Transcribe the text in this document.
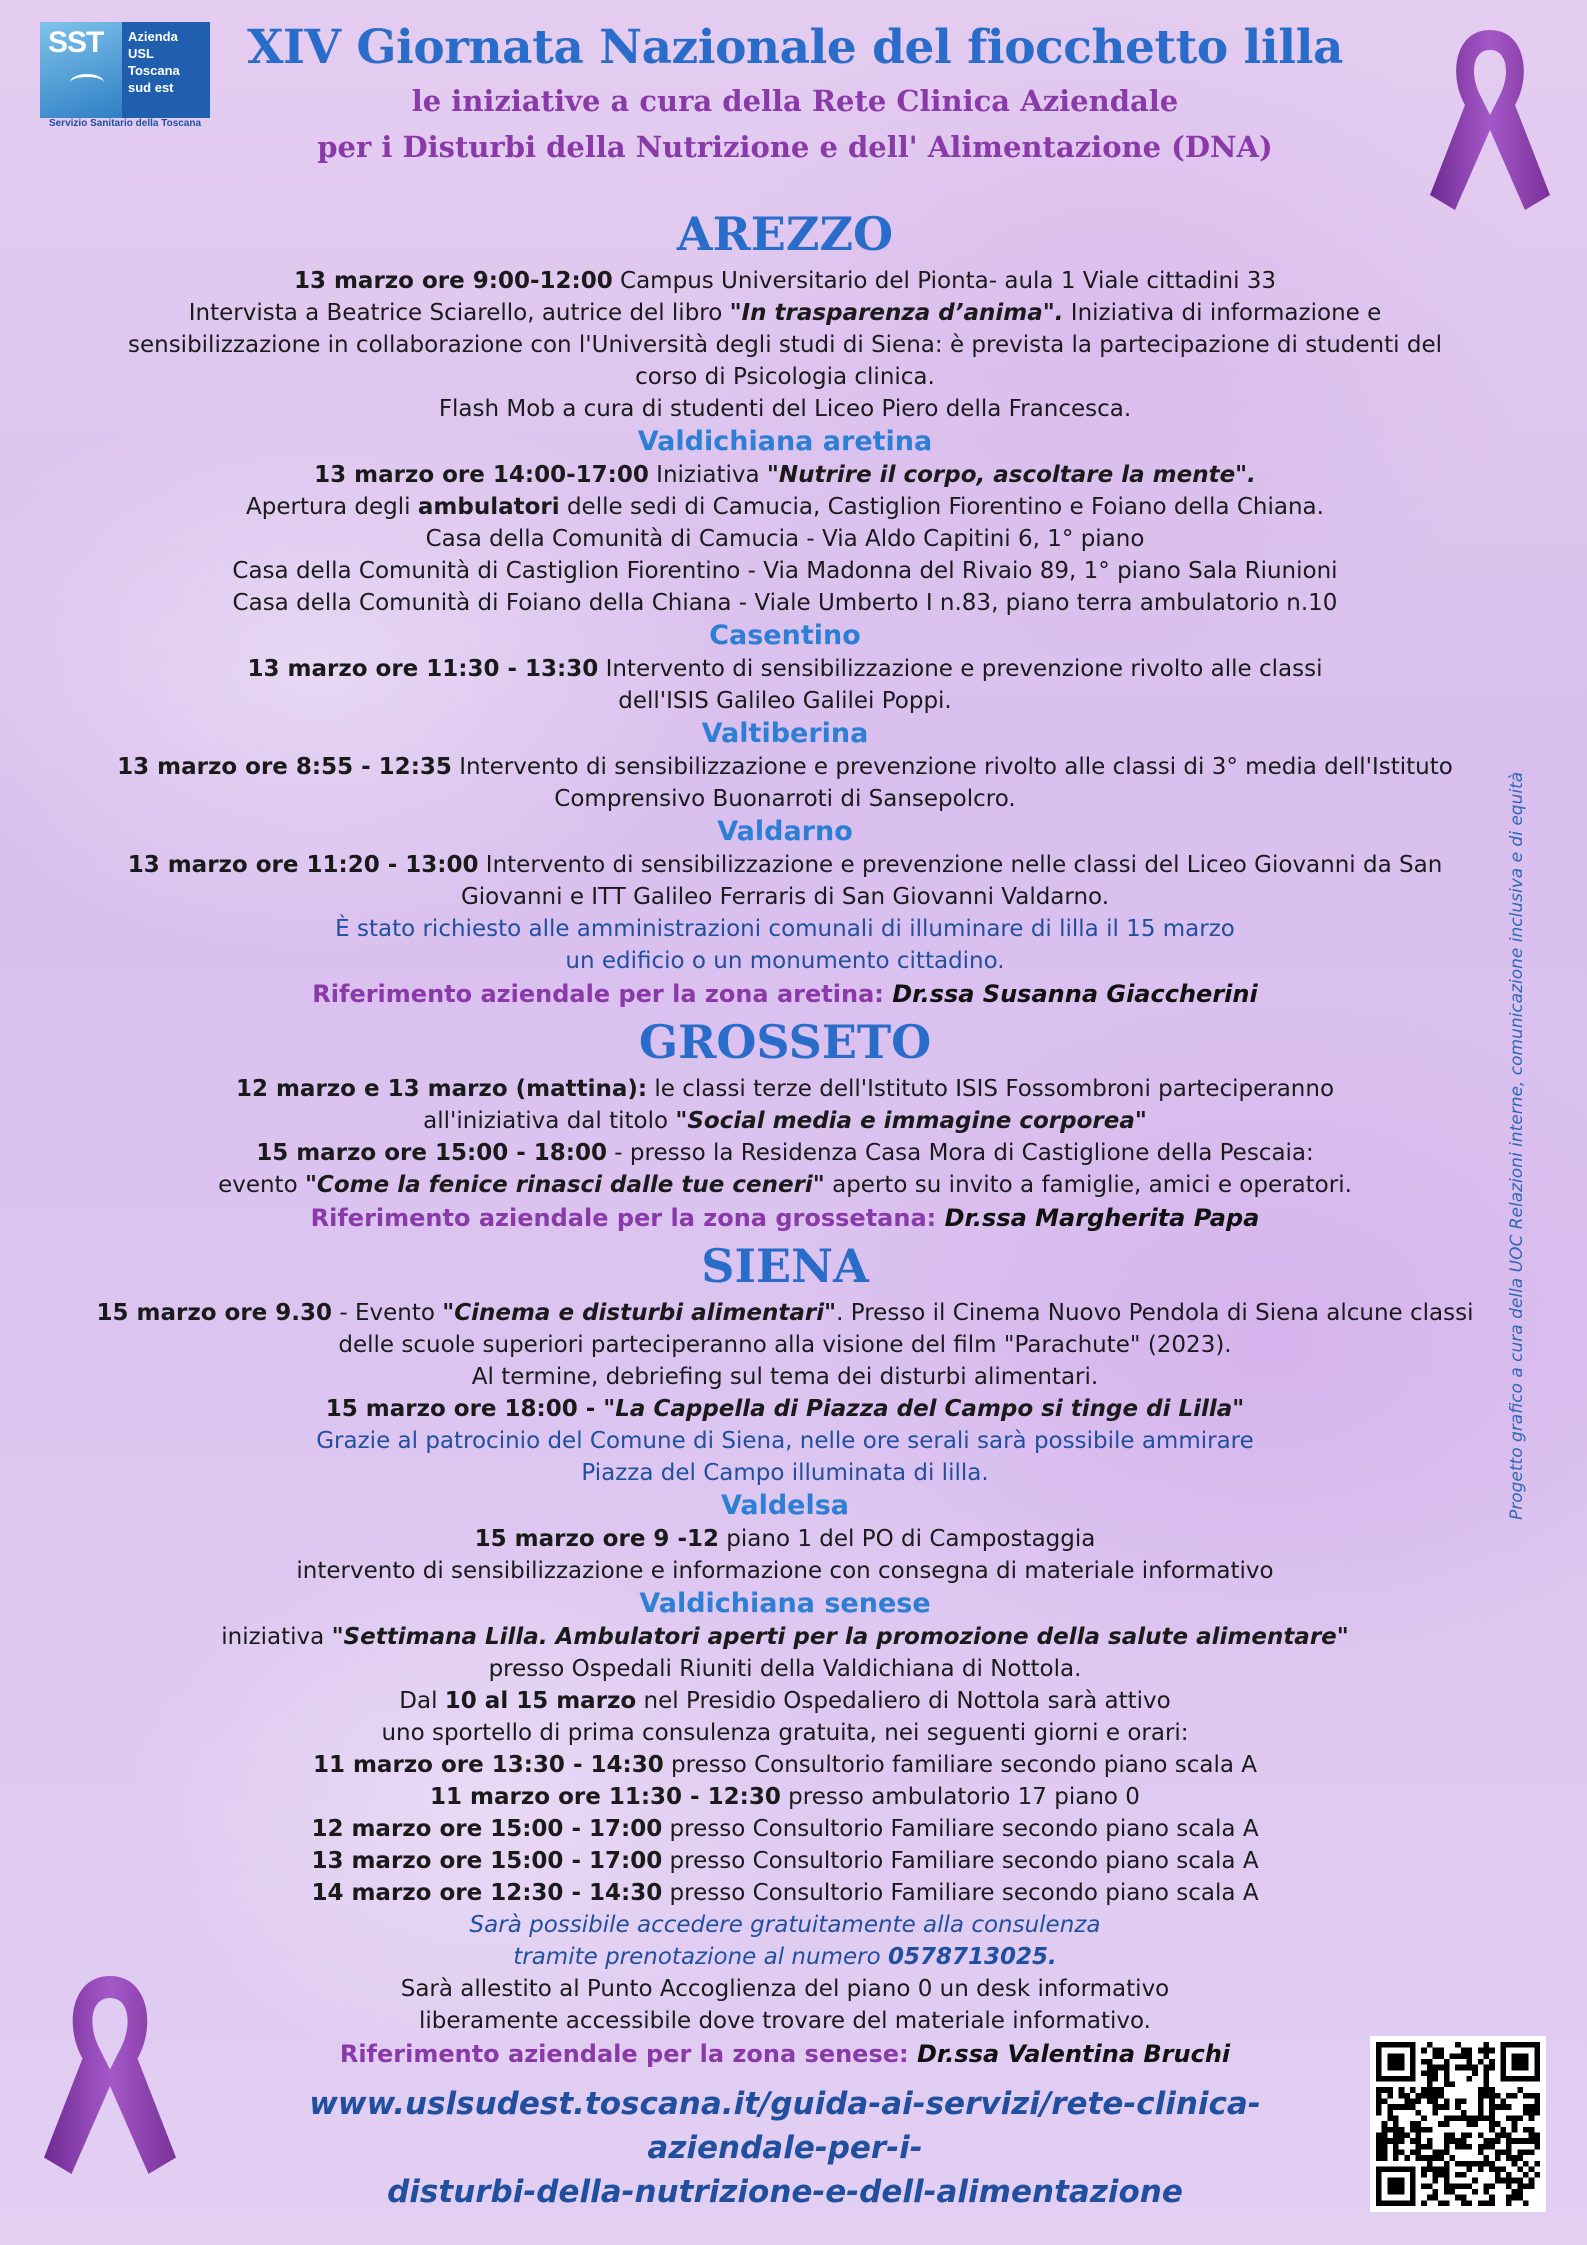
SST Azienda
USL
Toscana
sud est
Servizio Sanitario della Toscana
XIV Giornata Nazionale del fiocchetto lilla
le iniziative a cura della Rete Clinica Aziendale
per i Disturbi della Nutrizione e dell' Alimentazione (DNA)
AREZZO
13 marzo ore 9:00-12:00 Campus Universitario del Pionta- aula 1 Viale cittadini 33
Intervista a Beatrice Sciarello, autrice del libro "In trasparenza d’anima". Iniziativa di informazione e
sensibilizzazione in collaborazione con l'Università degli studi di Siena: è prevista la partecipazione di studenti del
corso di Psicologia clinica.
Flash Mob a cura di studenti del Liceo Piero della Francesca.
Valdichiana aretina
13 marzo ore 14:00-17:00 Iniziativa "Nutrire il corpo, ascoltare la mente".
Apertura degli ambulatori delle sedi di Camucia, Castiglion Fiorentino e Foiano della Chiana.
Casa della Comunità di Camucia - Via Aldo Capitini 6, 1° piano
Casa della Comunità di Castiglion Fiorentino - Via Madonna del Rivaio 89, 1° piano Sala Riunioni
Casa della Comunità di Foiano della Chiana - Viale Umberto I n.83, piano terra ambulatorio n.10
Casentino
13 marzo ore 11:30 - 13:30 Intervento di sensibilizzazione e prevenzione rivolto alle classi
dell'ISIS Galileo Galilei Poppi.
Valtiberina
13 marzo ore 8:55 - 12:35 Intervento di sensibilizzazione e prevenzione rivolto alle classi di 3° media dell'Istituto
Comprensivo Buonarroti di Sansepolcro.
Valdarno
13 marzo ore 11:20 - 13:00 Intervento di sensibilizzazione e prevenzione nelle classi del Liceo Giovanni da San
Giovanni e ITT Galileo Ferraris di San Giovanni Valdarno.
È stato richiesto alle amministrazioni comunali di illuminare di lilla il 15 marzo
un edificio o un monumento cittadino.
Riferimento aziendale per la zona aretina: Dr.ssa Susanna Giaccherini
GROSSETO
12 marzo e 13 marzo (mattina): le classi terze dell'Istituto ISIS Fossombroni parteciperanno
all'iniziativa dal titolo "Social media e immagine corporea"
15 marzo ore 15:00 - 18:00 - presso la Residenza Casa Mora di Castiglione della Pescaia:
evento "Come la fenice rinasci dalle tue ceneri" aperto su invito a famiglie, amici e operatori.
Riferimento aziendale per la zona grossetana: Dr.ssa Margherita Papa
SIENA
15 marzo ore 9.30 - Evento "Cinema e disturbi alimentari". Presso il Cinema Nuovo Pendola di Siena alcune classi
delle scuole superiori parteciperanno alla visione del film "Parachute" (2023).
Al termine, debriefing sul tema dei disturbi alimentari.
15 marzo ore 18:00 - "La Cappella di Piazza del Campo si tinge di Lilla"
Grazie al patrocinio del Comune di Siena, nelle ore serali sarà possibile ammirare
Piazza del Campo illuminata di lilla.
Valdelsa
15 marzo ore 9 -12 piano 1 del PO di Campostaggia
intervento di sensibilizzazione e informazione con consegna di materiale informativo
Valdichiana senese
iniziativa "Settimana Lilla. Ambulatori aperti per la promozione della salute alimentare"
presso Ospedali Riuniti della Valdichiana di Nottola.
Dal 10 al 15 marzo nel Presidio Ospedaliero di Nottola sarà attivo
uno sportello di prima consulenza gratuita, nei seguenti giorni e orari:
11 marzo ore 13:30 - 14:30 presso Consultorio familiare secondo piano scala A
11 marzo ore 11:30 - 12:30 presso ambulatorio 17 piano 0
12 marzo ore 15:00 - 17:00 presso Consultorio Familiare secondo piano scala A
13 marzo ore 15:00 - 17:00 presso Consultorio Familiare secondo piano scala A
14 marzo ore 12:30 - 14:30 presso Consultorio Familiare secondo piano scala A
Sarà possibile accedere gratuitamente alla consulenza
tramite prenotazione al numero 0578713025.
Sarà allestito al Punto Accoglienza del piano 0 un desk informativo
liberamente accessibile dove trovare del materiale informativo.
Riferimento aziendale per la zona senese: Dr.ssa Valentina Bruchi
Progetto grafico a cura della UOC Relazioni interne, comunicazione inclusiva e di equità
www.uslsudest.toscana.it/guida-ai-servizi/rete-clinica-aziendale-per-i-
disturbi-della-nutrizione-e-dell-alimentazione
